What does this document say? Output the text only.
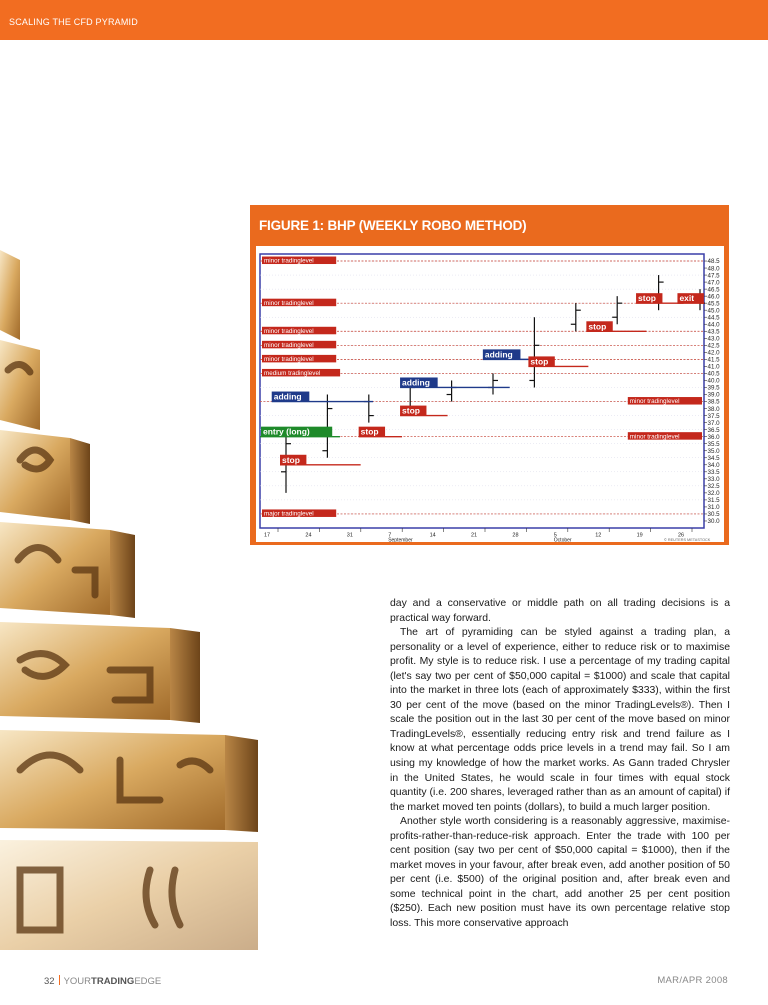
SCALING THE CFD PYRAMID
FIGURE 1: BHP (WEEKLY ROBO METHOD)
48.5
48.0
47.5
47.0
46.5
46.0
45.5
45.0
44.5
44.0
43.5
43.0
42.5
42.0
41.5
41.0
40.5
40.0
39.5
39.0
38.5
38.0
37.5
37.0
36.5
36.0
35.5
35.0
34.5
34.0
33.5
33.0
32.5
32.0
31.5
31.0
30.5
30.0
17	24	31	7	14	21	28	5	12	19	26
September	October	© REUTERS METASTOCK
minor tradinglevel
minor tradinglevel
minor tradinglevel
minor tradinglevel
minor tradinglevel
medium tradinglevel
minor tradinglevel
minor tradinglevel
major tradinglevel
entry (long)
adding
adding
adding
stop
stop
stop
stop
stop
stop	exit

day and a conservative or middle path on all trading decisions is a practical way forward.

The art of pyramiding can be styled against a trading plan, a personality or a level of experience, either to reduce risk or to maximise profit. My style is to reduce risk. I use a percentage of my trading capital (let's say two per cent of $50,000 capital = $1000) and scale that capital into the market in three lots (each of approximately $333), within the first 30 per cent of the move (based on the minor TradingLevels®). Then I scale the position out in the last 30 per cent of the move based on minor TradingLevels®, essentially reducing entry risk and trend failure as I know at what percentage odds price levels in a trend may fail. So I am using my knowledge of how the market works. As Gann traded Chrysler in the United States, he would scale in four times with equal stock quantity (i.e. 200 shares, leveraged rather than as an amount of capital) if the market moved ten points (dollars), to build a much larger position.

Another style worth considering is a reasonably aggressive, maximise-profits-rather-than-reduce-risk approach. Enter the trade with 100 per cent position (say two per cent of $50,000 capital = $1000), then if the market moves in your favour, after break even, add another position of 50 per cent (i.e. $500) of the original position and, after break even and some technical point in the chart, add another 25 per cent position ($250). Each new position must have its own percentage relative stop loss. This more conservative approach

32 YOURTRADINGEDGE	MAR/APR 2008
